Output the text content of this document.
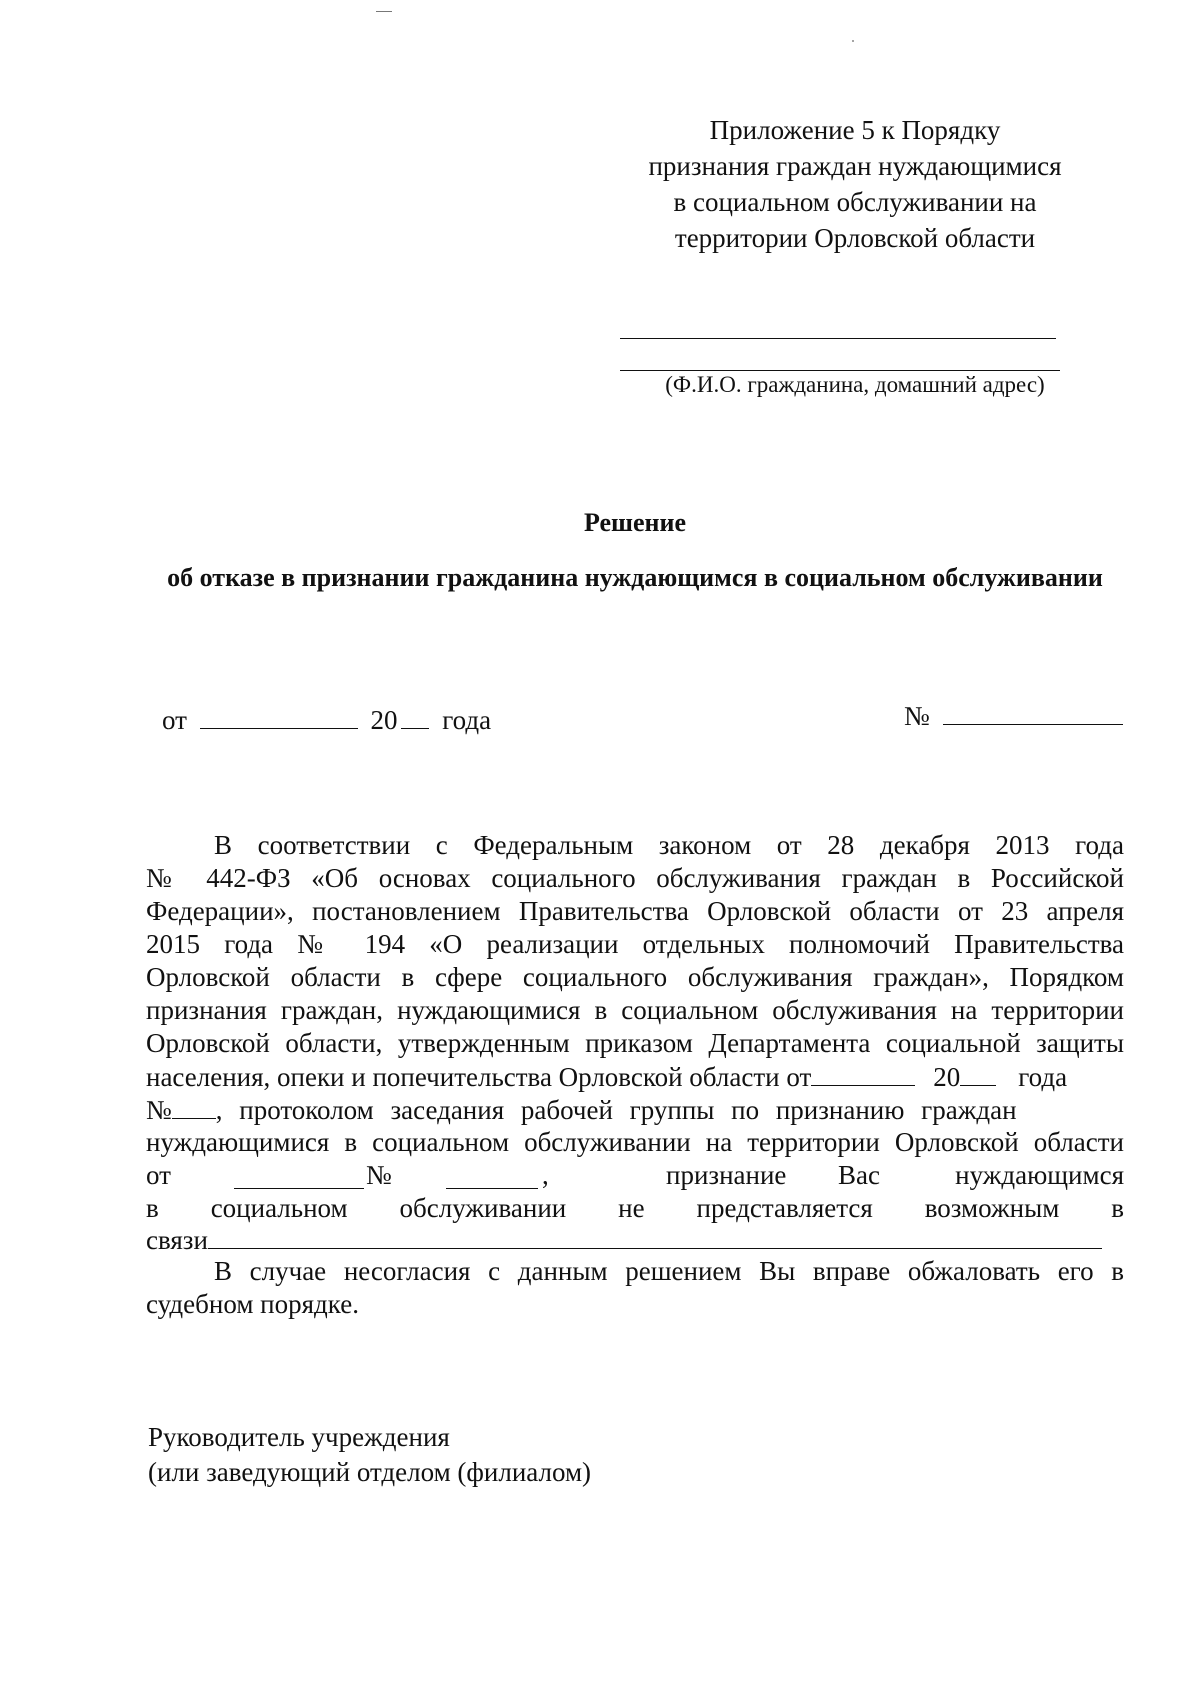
Приложение 5 к Порядку
признания граждан нуждающимися
в социальном обслуживании на
территории Орловской области
(Ф.И.О. гражданина, домашний адрес)
Решение
об отказе в признании гражданина нуждающимся в социальном обслуживании
от	20 года	№
В соответствии с Федеральным законом от 28 декабря 2013 года
№ 442-ФЗ «Об основах социального обслуживания граждан в Российской
Федерации», постановлением Правительства Орловской области от 23 апреля
2015 года № 194 «О реализации отдельных полномочий Правительства
Орловской области в сфере социального обслуживания граждан», Порядком
признания граждан, нуждающимися в социальном обслуживания на территории
Орловской области, утвержденным приказом Департамента социальной защиты
населения, опеки и попечительства Орловской области от	20 года
№ , протоколом заседания рабочей группы по признанию граждан
нуждающимися в социальном обслуживании на территории Орловской области
от	№	,	признание Вас	нуждающимся
в социальном обслуживании не представляется возможным в
связи
В случае несогласия с данным решением Вы вправе обжаловать его в
судебном порядке.
Руководитель учреждения
(или заведующий отделом (филиалом)
